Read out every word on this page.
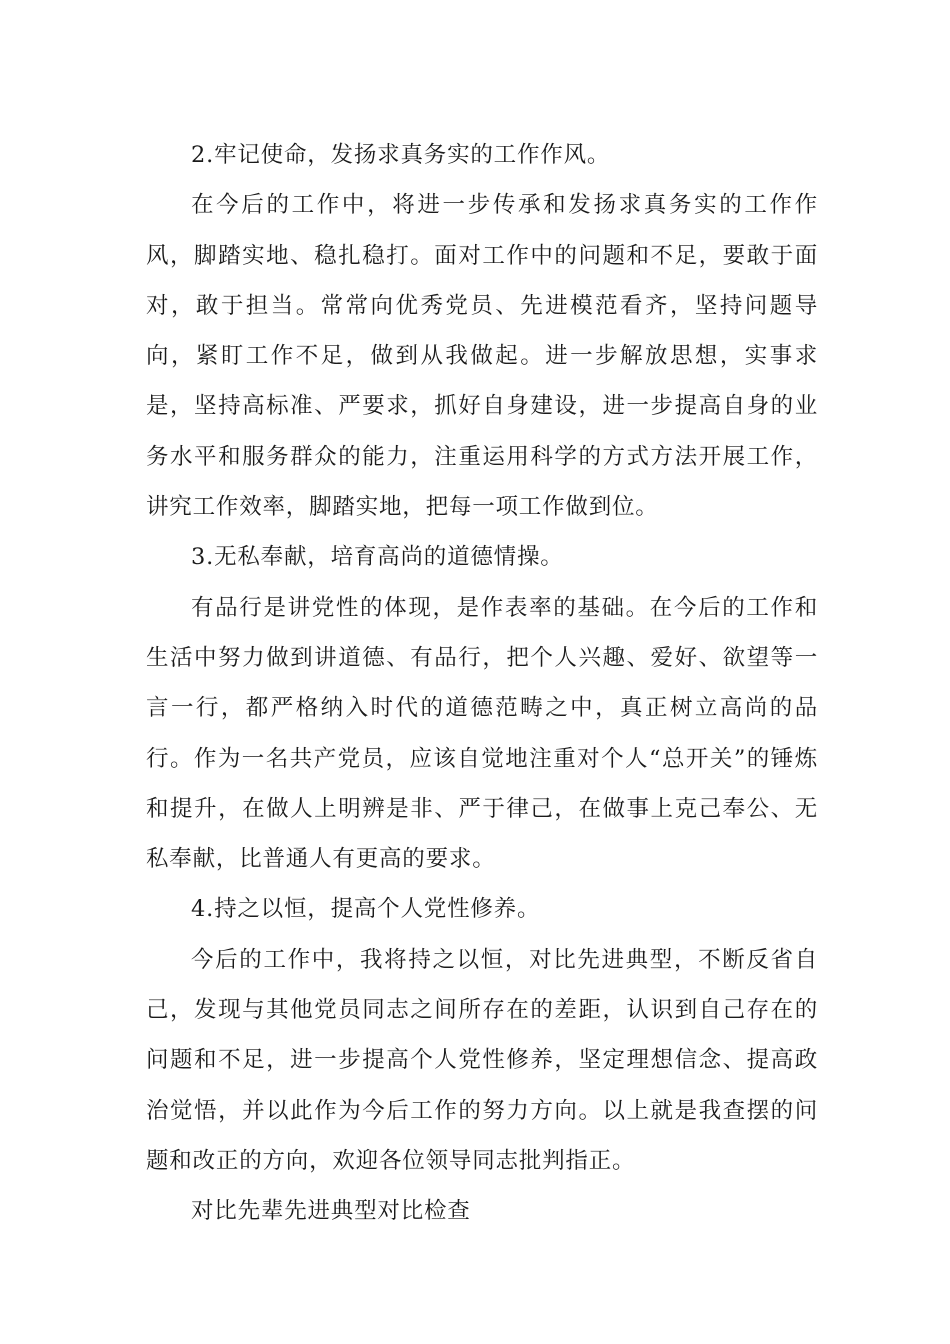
2.牢记使命，发扬求真务实的工作作风。

在今后的工作中，将进一步传承和发扬求真务实的工作作风，脚踏实地、稳扎稳打。面对工作中的问题和不足，要敢于面对，敢于担当。常常向优秀党员、先进模范看齐，坚持问题导向，紧盯工作不足，做到从我做起。进一步解放思想，实事求是，坚持高标准、严要求，抓好自身建设，进一步提高自身的业务水平和服务群众的能力，注重运用科学的方式方法开展工作，讲究工作效率，脚踏实地，把每一项工作做到位。

3.无私奉献，培育高尚的道德情操。

有品行是讲党性的体现，是作表率的基础。在今后的工作和生活中努力做到讲道德、有品行，把个人兴趣、爱好、欲望等一言一行，都严格纳入时代的道德范畴之中，真正树立高尚的品行。作为一名共产党员，应该自觉地注重对个人“总开关”的锤炼和提升，在做人上明辨是非、严于律己，在做事上克己奉公、无私奉献，比普通人有更高的要求。

4.持之以恒，提高个人党性修养。

今后的工作中，我将持之以恒，对比先进典型，不断反省自己，发现与其他党员同志之间所存在的差距，认识到自己存在的问题和不足，进一步提高个人党性修养，坚定理想信念、提高政治觉悟，并以此作为今后工作的努力方向。以上就是我查摆的问题和改正的方向，欢迎各位领导同志批判指正。

对比先辈先进典型对比检查
